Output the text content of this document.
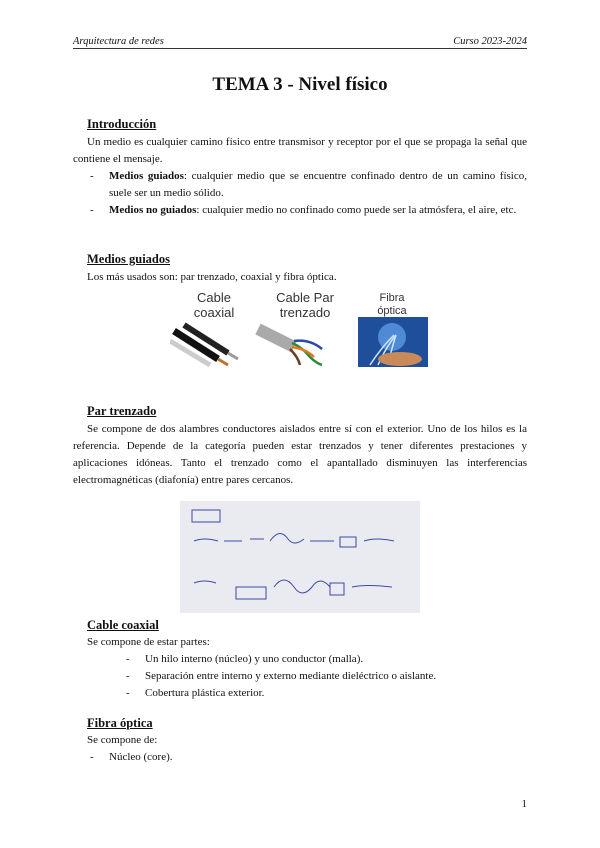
Arquitectura de redes	Curso 2023-2024
TEMA 3 - Nivel físico
Introducción
Un medio es cualquier camino físico entre transmisor y receptor por el que se propaga la señal que contiene el mensaje.
- Medios guiados: cualquier medio que se encuentre confinado dentro de un camino físico, suele ser un medio sólido.
- Medios no guiados: cualquier medio no confinado como puede ser la atmósfera, el aire, etc.
Medios guiados
Los más usados son: par trenzado, coaxial y fibra óptica.
Cable
coaxial
Cable Par
trenzado
Fibra
óptica
Par trenzado
Se compone de dos alambres conductores aislados entre sí con el exterior. Uno de los hilos es la referencia. Depende de la categoría pueden estar trenzados y tener diferentes prestaciones y aplicaciones idóneas. Tanto el trenzado como el apantallado disminuyen las interferencias electromagnéticas (diafonía) entre pares cercanos.
Cable coaxial
Se compone de estar partes:
- Un hilo interno (núcleo) y uno conductor (malla).
- Separación entre interno y externo mediante dieléctrico o aislante.
- Cobertura plástica exterior.
Fibra óptica
Se compone de:
- Núcleo (core).
1
